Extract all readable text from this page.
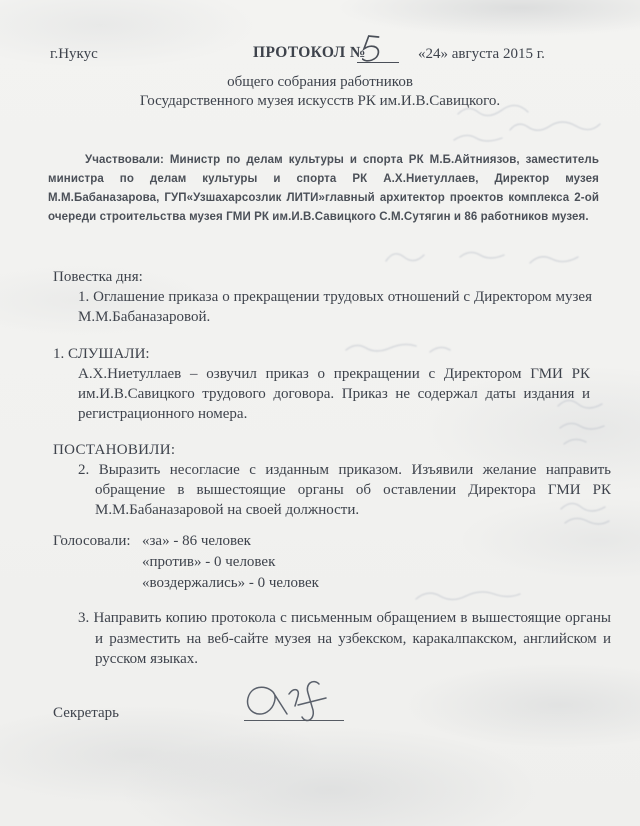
г.Нукус	ПРОТОКОЛ №	«24» августа 2015 г.
общего собрания работников
Государственного музея искусств РК им.И.В.Савицкого.
Участвовали: Министр по делам культуры и спорта РК М.Б.Айтниязов, заместитель министра по делам культуры и спорта РК А.Х.Ниетуллаев, Директор музея М.М.Бабаназарова, ГУП«Узшахарсозлик ЛИТИ»главный архитектор проектов комплекса 2-ой очереди строительства музея ГМИ РК им.И.В.Савицкого С.М.Сутягин и 86 работников музея.
Повестка дня:
1. Оглашение приказа о прекращении трудовых отношений с Директором музея М.М.Бабаназаровой.
1. СЛУШАЛИ:
А.Х.Ниетуллаев – озвучил приказ о прекращении с Директором ГМИ РК им.И.В.Савицкого трудового договора. Приказ не содержал даты издания и регистрационного номера.
ПОСТАНОВИЛИ:
2. Выразить несогласие с изданным приказом. Изъявили желание направить обращение в вышестоящие органы об оставлении Директора ГМИ РК М.М.Бабаназаровой на своей должности.
Голосовали: «за» - 86 человек
«против» - 0 человек
«воздержались» - 0 человек
3. Направить копию протокола с письменным обращением в вышестоящие органы и разместить на веб-сайте музея на узбекском, каракалпакском, английском и русском языках.
Секретарь
